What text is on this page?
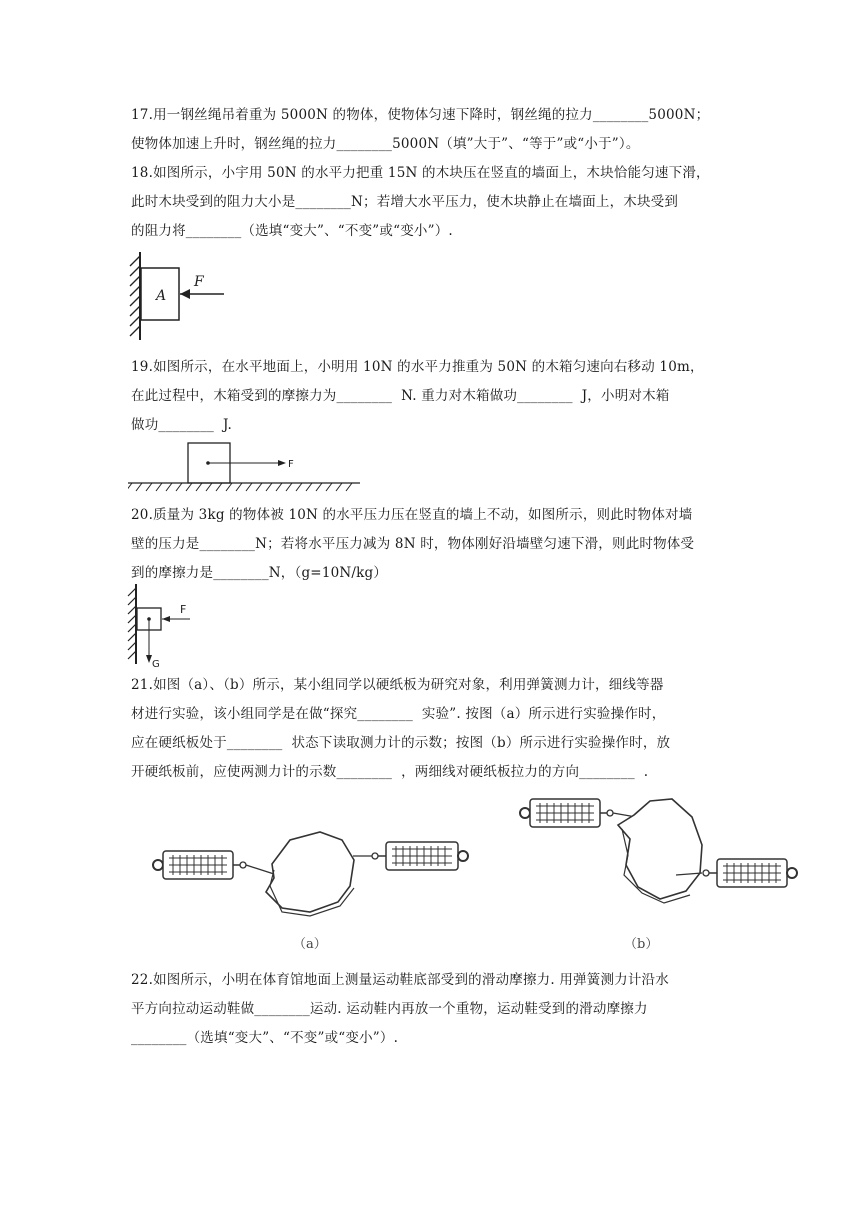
17.用一钢丝绳吊着重为 5000N 的物体，使物体匀速下降时，钢丝绳的拉力________5000N；
使物体加速上升时，钢丝绳的拉力________5000N（填”大于”、“等于”或“小于”）。
18.如图所示，小宇用 50N 的水平力把重 15N 的木块压在竖直的墙面上，木块恰能匀速下滑，
此时木块受到的阻力大小是________N；若增大水平压力，使木块静止在墙面上，木块受到
的阻力将________（选填“变大”、“不变”或“变小”）.
A
F
19.如图所示，在水平地面上，小明用 10N 的水平力推重为 50N 的木箱匀速向右移动 10m，
在此过程中，木箱受到的摩擦力为________  N. 重力对木箱做功________  J，小明对木箱
做功________  J.
F
20.质量为 3kg 的物体被 10N 的水平压力压在竖直的墙上不动，如图所示，则此时物体对墙
壁的压力是________N；若将水平压力减为 8N 时，物体刚好沿墙壁匀速下滑，则此时物体受
到的摩擦力是________N，（g=10N/kg）
G
F
21.如图（a）、（b）所示，某小组同学以硬纸板为研究对象，利用弹簧测力计，细线等器
材进行实验，该小组同学是在做“探究________  实验”. 按图（a）所示进行实验操作时，
应在硬纸板处于________  状态下读取测力计的示数；按图（b）所示进行实验操作时，放
开硬纸板前，应使两测力计的示数________  ，两细线对硬纸板拉力的方向________  .
（a）	（b）
22.如图所示，小明在体育馆地面上测量运动鞋底部受到的滑动摩擦力. 用弹簧测力计沿水
平方向拉动运动鞋做________运动. 运动鞋内再放一个重物，运动鞋受到的滑动摩擦力
________（选填“变大”、“不变”或“变小”）.
